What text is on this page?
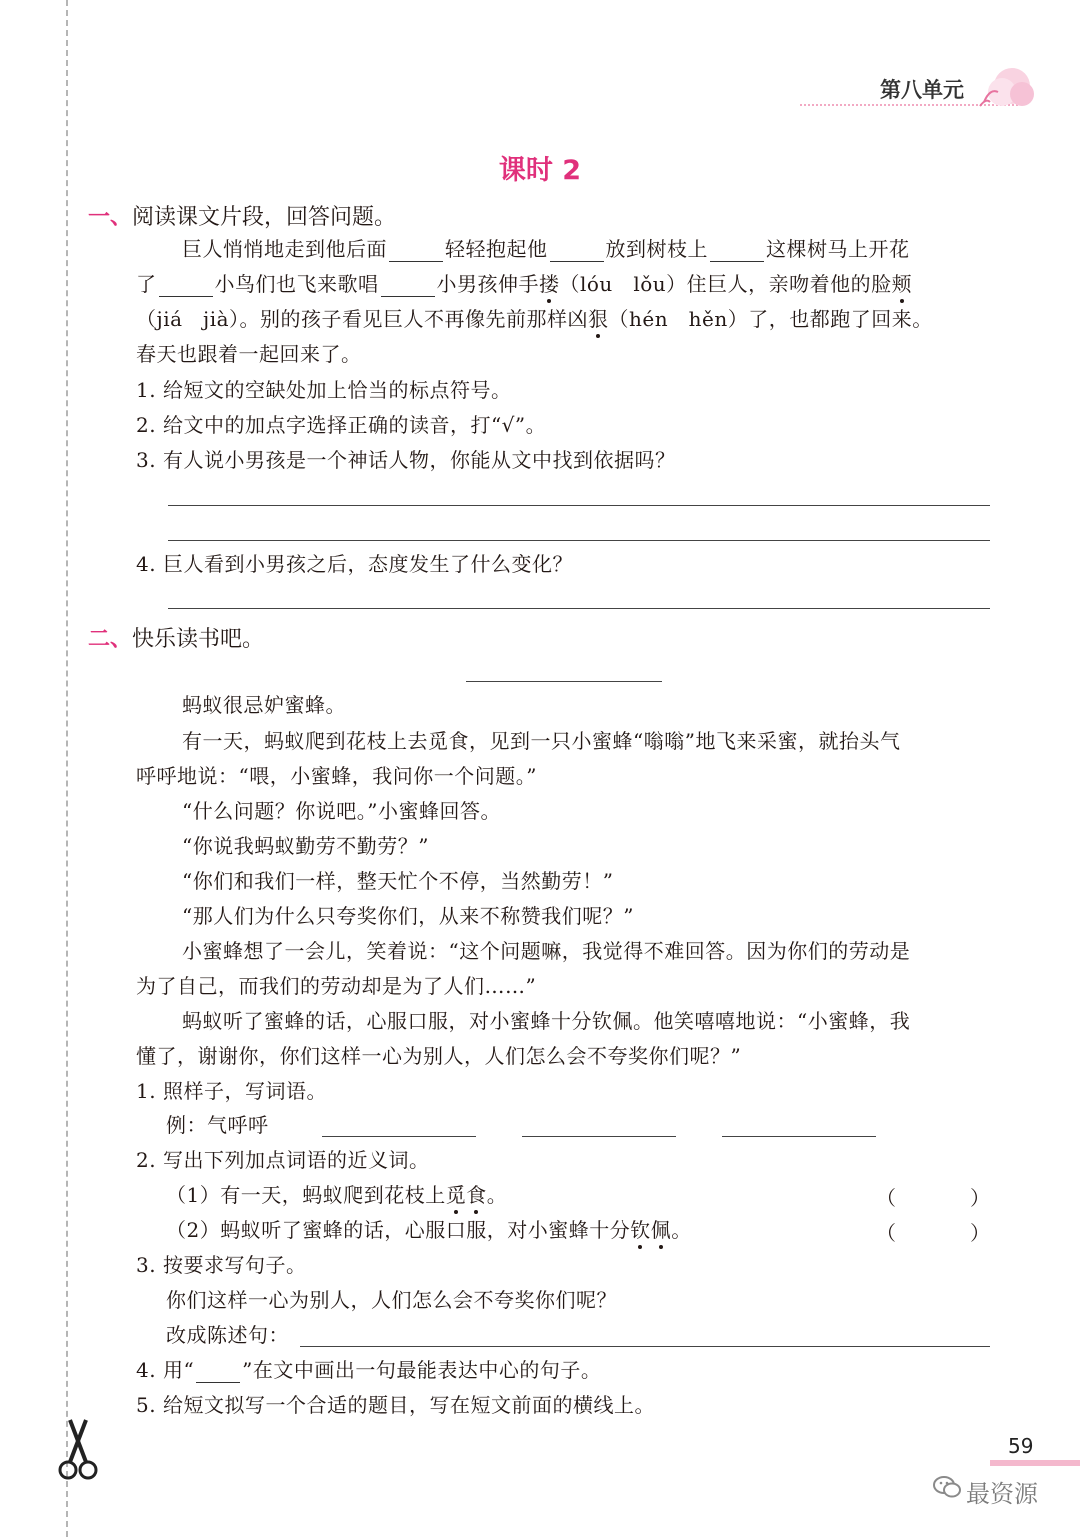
第八单元
课时 2
一、阅读课文片段，回答问题。
巨人悄悄地走到他后面	轻轻抱起他	放到树枝上	这棵树马上开花
了	小鸟们也飞来歌唱	小男孩伸手搂（lóu　lǒu）住巨人，亲吻着他的脸颊
（jiá　jià）。别的孩子看见巨人不再像先前那样凶狠（hén　hěn）了，也都跑了回来。
春天也跟着一起回来了。
1. 给短文的空缺处加上恰当的标点符号。
2. 给文中的加点字选择正确的读音，打“√”。
3. 有人说小男孩是一个神话人物，你能从文中找到依据吗？
4. 巨人看到小男孩之后，态度发生了什么变化？
二、快乐读书吧。
蚂蚁很忌妒蜜蜂。
有一天，蚂蚁爬到花枝上去觅食，见到一只小蜜蜂“嗡嗡”地飞来采蜜，就抬头气
呼呼地说：“喂，小蜜蜂，我问你一个问题。”
“什么问题？你说吧。”小蜜蜂回答。
“你说我蚂蚁勤劳不勤劳？”
“你们和我们一样，整天忙个不停，当然勤劳！”
“那人们为什么只夸奖你们，从来不称赞我们呢？”
小蜜蜂想了一会儿，笑着说：“这个问题嘛，我觉得不难回答。因为你们的劳动是
为了自己，而我们的劳动却是为了人们……”
蚂蚁听了蜜蜂的话，心服口服，对小蜜蜂十分钦佩。他笑嘻嘻地说：“小蜜蜂，我
懂了，谢谢你，你们这样一心为别人，人们怎么会不夸奖你们呢？”
1. 照样子，写词语。
例：气呼呼
2. 写出下列加点词语的近义词。
（1）有一天，蚂蚁爬到花枝上觅食。	（	）
（2）蚂蚁听了蜜蜂的话，心服口服，对小蜜蜂十分钦佩。	（	）
3. 按要求写句子。
你们这样一心为别人，人们怎么会不夸奖你们呢？
改成陈述句：
4. 用“ ”在文中画出一句最能表达中心的句子。
5. 给短文拟写一个合适的题目，写在短文前面的横线上。
59
最资源
